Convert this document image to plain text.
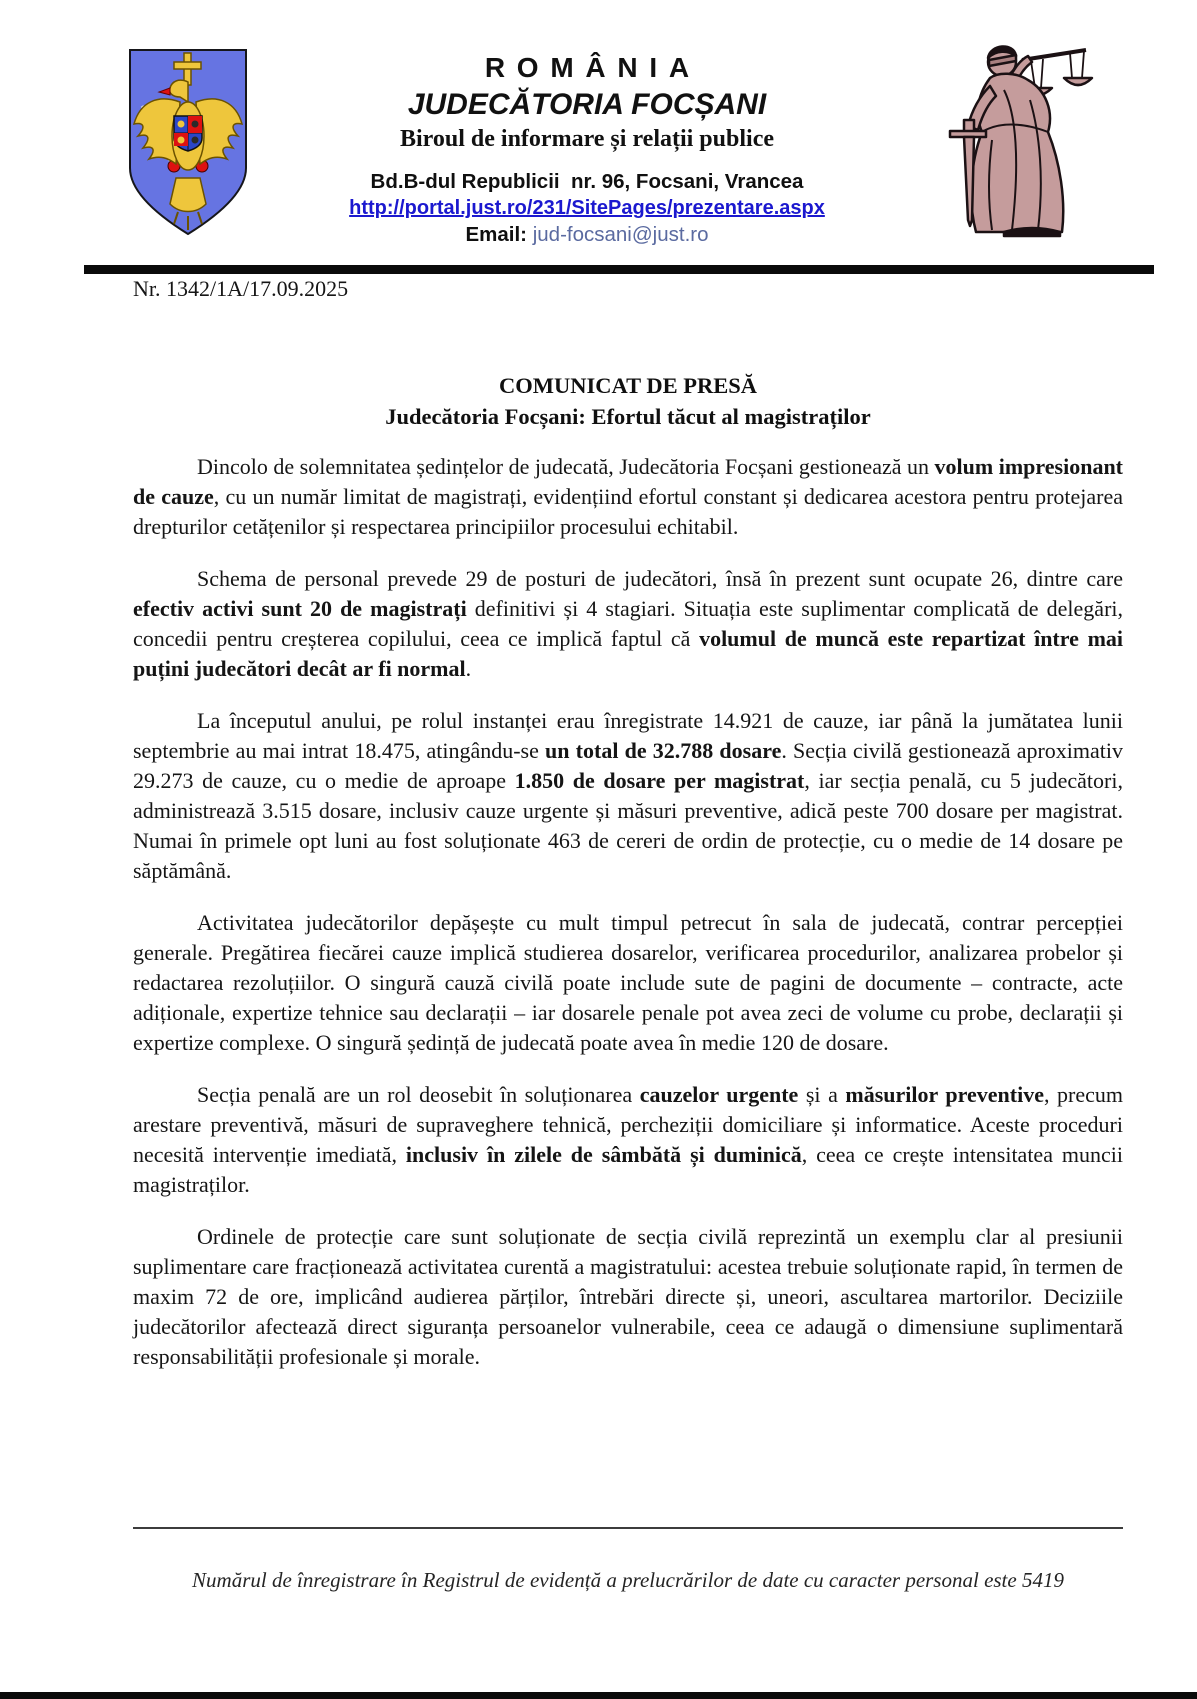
ROMÂNIA
JUDECĂTORIA FOCȘANI
Biroul de informare și relații publice
Bd.B-dul Republicii  nr. 96, Focsani, Vrancea
http://portal.just.ro/231/SitePages/prezentare.aspx
Email: jud-focsani@just.ro
Nr. 1342/1A/17.09.2025
COMUNICAT DE PRESĂ
Judecătoria Focșani: Efortul tăcut al magistraților

Dincolo de solemnitatea ședințelor de judecată, Judecătoria Focșani gestionează un volum impresionant de cauze, cu un număr limitat de magistrați, evidențiind efortul constant și dedicarea acestora pentru protejarea drepturilor cetățenilor și respectarea principiilor procesului echitabil.

Schema de personal prevede 29 de posturi de judecători, însă în prezent sunt ocupate 26, dintre care efectiv activi sunt 20 de magistrați definitivi și 4 stagiari. Situația este suplimentar complicată de delegări, concedii pentru creșterea copilului, ceea ce implică faptul că volumul de muncă este repartizat între mai puțini judecători decât ar fi normal.

La începutul anului, pe rolul instanței erau înregistrate 14.921 de cauze, iar până la jumătatea lunii septembrie au mai intrat 18.475, atingându-se un total de 32.788 dosare. Secția civilă gestionează aproximativ 29.273 de cauze, cu o medie de aproape 1.850 de dosare per magistrat, iar secția penală, cu 5 judecători, administrează 3.515 dosare, inclusiv cauze urgente și măsuri preventive, adică peste 700 dosare per magistrat. Numai în primele opt luni au fost soluționate 463 de cereri de ordin de protecție, cu o medie de 14 dosare pe săptămână.

Activitatea judecătorilor depășește cu mult timpul petrecut în sala de judecată, contrar percepției generale. Pregătirea fiecărei cauze implică studierea dosarelor, verificarea procedurilor, analizarea probelor și redactarea rezoluțiilor. O singură cauză civilă poate include sute de pagini de documente – contracte, acte adiționale, expertize tehnice sau declarații – iar dosarele penale pot avea zeci de volume cu probe, declarații și expertize complexe. O singură ședință de judecată poate avea în medie 120 de dosare.

Secția penală are un rol deosebit în soluționarea cauzelor urgente și a măsurilor preventive, precum arestare preventivă, măsuri de supraveghere tehnică, percheziții domiciliare și informatice. Aceste proceduri necesită intervenție imediată, inclusiv în zilele de sâmbătă și duminică, ceea ce crește intensitatea muncii magistraților.

Ordinele de protecție care sunt soluționate de secția civilă reprezintă un exemplu clar al presiunii suplimentare care fracționează activitatea curentă a magistratului: acestea trebuie soluționate rapid, în termen de maxim 72 de ore, implicând audierea părților, întrebări directe și, uneori, ascultarea martorilor. Deciziile judecătorilor afectează direct siguranța persoanelor vulnerabile, ceea ce adaugă o dimensiune suplimentară responsabilității profesionale și morale.

Numărul de înregistrare în Registrul de evidență a prelucrărilor de date cu caracter personal este 5419
